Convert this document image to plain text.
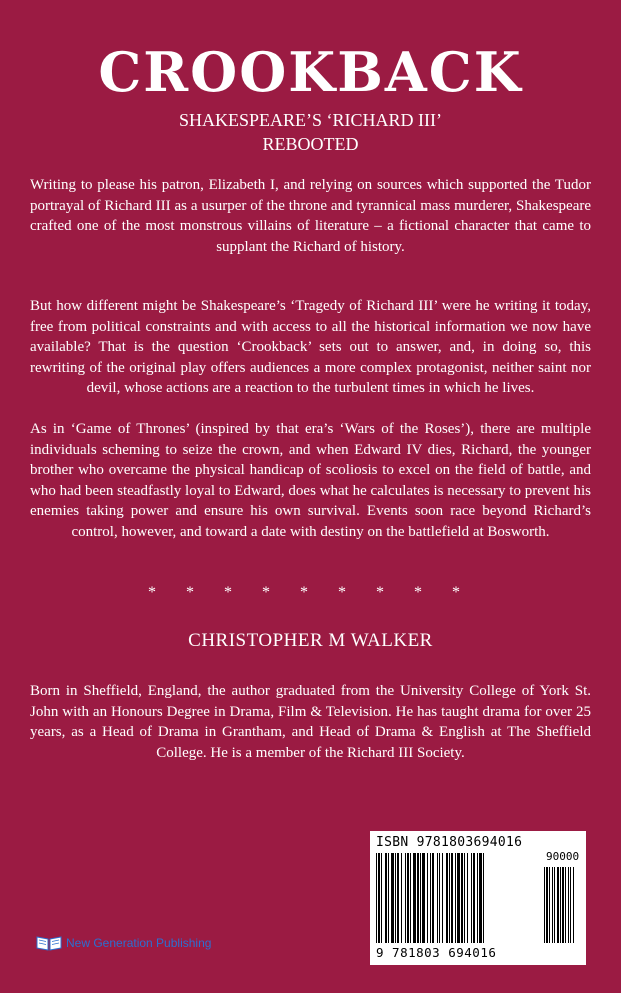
CROOKBACK
SHAKESPEARE’S ‘RICHARD III’
REBOOTED

Writing to please his patron, Elizabeth I, and relying on sources which supported the Tudor portrayal of Richard III as a usurper of the throne and tyrannical mass murderer, Shakespeare crafted one of the most monstrous villains of literature – a fictional character that came to supplant the Richard of history.

But how different might be Shakespeare’s ‘Tragedy of Richard III’ were he writing it today, free from political constraints and with access to all the historical information we now have available? That is the question ‘Crookback’ sets out to answer, and, in doing so, this rewriting of the original play offers audiences a more complex protagonist, neither saint nor devil, whose actions are a reaction to the turbulent times in which he lives.

As in ‘Game of Thrones’ (inspired by that era’s ‘Wars of the Roses’), there are multiple individuals scheming to seize the crown, and when Edward IV dies, Richard, the younger brother who overcame the physical handicap of scoliosis to excel on the field of battle, and who had been steadfastly loyal to Edward, does what he calculates is necessary to prevent his enemies taking power and ensure his own survival. Events soon race beyond Richard’s control, however, and toward a date with destiny on the battlefield at Bosworth.

* * * * * * * * *
CHRISTOPHER M WALKER

Born in Sheffield, England, the author graduated from the University College of York St. John with an Honours Degree in Drama, Film & Television. He has taught drama for over 25 years, as a Head of Drama in Grantham, and Head of Drama & English at The Sheffield College. He is a member of the Richard III Society.

ISBN 9781803694016
90000
9 781803 694016
New Generation Publishing
